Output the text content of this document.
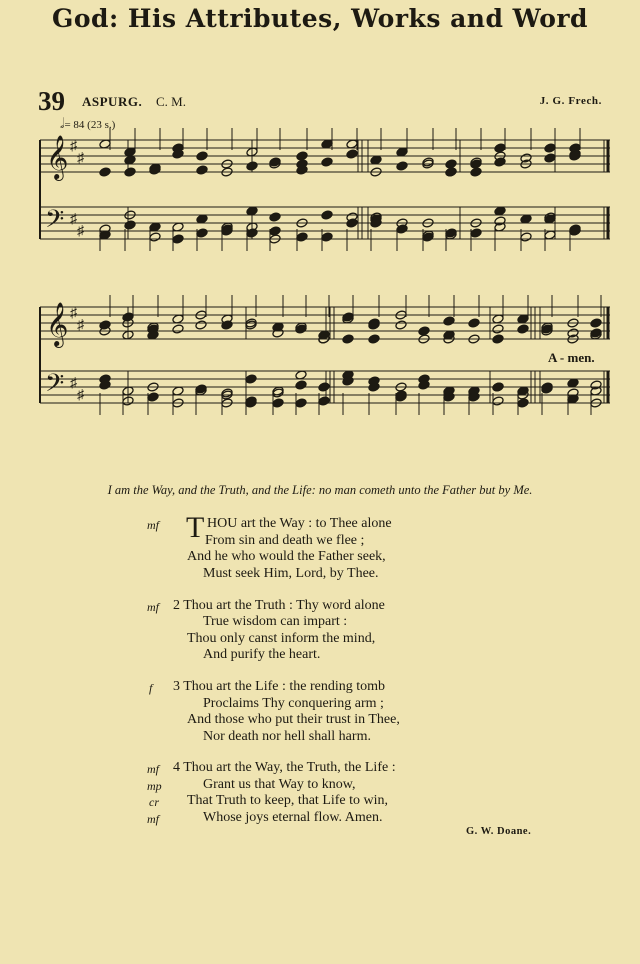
God: His Attributes, Works and Word
39 ASPURG. C. M.	J. G. Frech.
𝅗𝅥= 84 (23 s.)
𝄞
𝄢
♯
♯
♯
♯
𝄞
𝄢
♯
♯
♯
♯
A - men.
I am the Way, and the Truth, and the Life: no man cometh unto the Father but by Me.
T
mf	HOU art the Way : to Thee alone
From sin and death we flee ;
And he who would the Father seek,
Must seek Him, Lord, by Thee.
mf 2 Thou art the Truth : Thy word alone
True wisdom can impart :
Thou only canst inform the mind,
And purify the heart.
f 3 Thou art the Life : the rending tomb
Proclaims Thy conquering arm ;
And those who put their trust in Thee,
Nor death nor hell shall harm.
mf 4 Thou art the Way, the Truth, the Life :
mp	Grant us that Way to know,
cr That Truth to keep, that Life to win,
mf	Whose joys eternal flow. Amen.
G. W. Doane.
